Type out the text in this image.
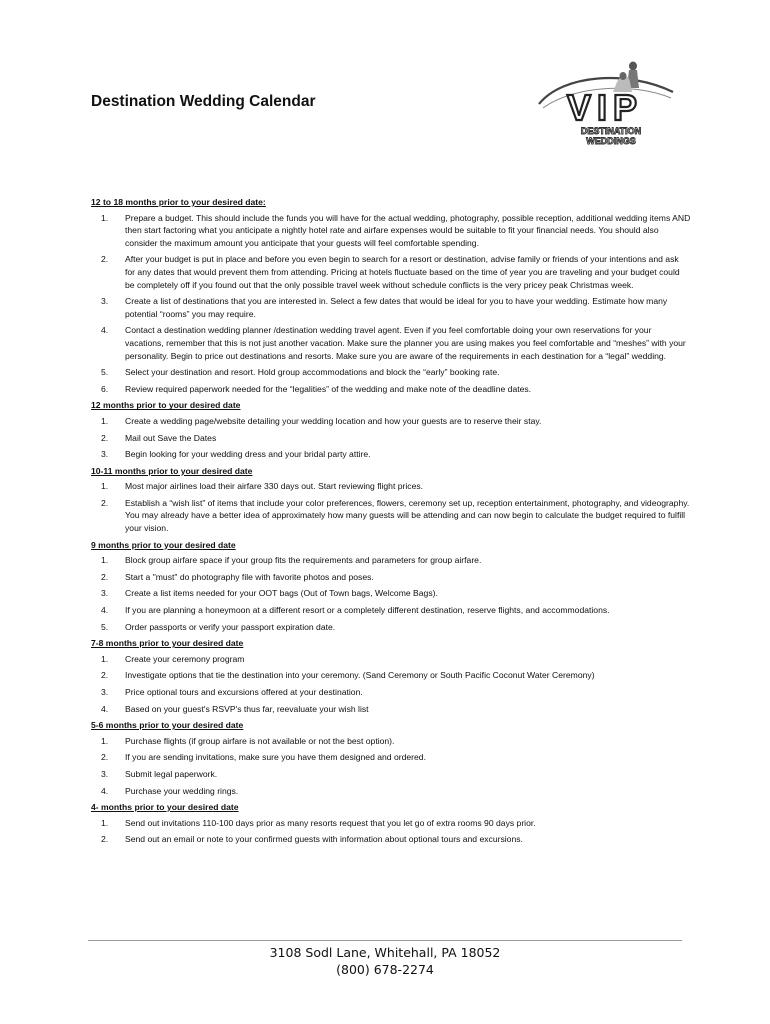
Destination Wedding Calendar	VIP
DESTINATION
WEDDINGS
12 to 18 months prior to your desired date:
1.	Prepare a budget. This should include the funds you will have for the actual wedding, photography, possible reception, additional wedding items AND then start factoring what you anticipate a nightly hotel rate and airfare expenses would be suitable to fit your financial needs. You should also consider the maximum amount you anticipate that your guests will feel comfortable spending.
2.	After your budget is put in place and before you even begin to search for a resort or destination, advise family or friends of your intentions and ask for any dates that would prevent them from attending. Pricing at hotels fluctuate based on the time of year you are traveling and your budget could be completely off if you found out that the only possible travel week without schedule conflicts is the very pricey peak Christmas week.
3.	Create a list of destinations that you are interested in. Select a few dates that would be ideal for you to have your wedding. Estimate how many potential “rooms” you may require.
4.	Contact a destination wedding planner /destination wedding travel agent. Even if you feel comfortable doing your own reservations for your vacations, remember that this is not just another vacation. Make sure the planner you are using makes you feel comfortable and “meshes” with your personality. Begin to price out destinations and resorts. Make sure you are aware of the requirements in each destination for a “legal” wedding.
5.	Select your destination and resort. Hold group accommodations and block the “early” booking rate.
6.	Review required paperwork needed for the “legalities” of the wedding and make note of the deadline dates.
12 months prior to your desired date
1.	Create a wedding page/website detailing your wedding location and how your guests are to reserve their stay.
2.	Mail out Save the Dates
3.	Begin looking for your wedding dress and your bridal party attire.
10-11 months prior to your desired date
1.	Most major airlines load their airfare 330 days out. Start reviewing flight prices.
2.	Establish a “wish list” of items that include your color preferences, flowers, ceremony set up, reception entertainment, photography, and videography. You may already have a better idea of approximately how many guests will be attending and can now begin to calculate the budget required to fulfill your vision.
9 months prior to your desired date
1.	Block group airfare space if your group fits the requirements and parameters for group airfare.
2.	Start a "must" do photography file with favorite photos and poses.
3.	Create a list items needed for your OOT bags (Out of Town bags, Welcome Bags).
4.	If you are planning a honeymoon at a different resort or a completely different destination, reserve flights, and accommodations.
5.	Order passports or verify your passport expiration date.
7-8 months prior to your desired date
1.	Create your ceremony program
2.	Investigate options that tie the destination into your ceremony. (Sand Ceremony or South Pacific Coconut Water Ceremony)
3.	Price optional tours and excursions offered at your destination.
4.	Based on your guest's RSVP's thus far, reevaluate your wish list
5-6 months prior to your desired date
1.	Purchase flights (if group airfare is not available or not the best option).
2.	If you are sending invitations, make sure you have them designed and ordered.
3.	Submit legal paperwork.
4.	Purchase your wedding rings.
4- months prior to your desired date
1.	Send out invitations 110-100 days prior as many resorts request that you let go of extra rooms 90 days prior.
2.	Send out an email or note to your confirmed guests with information about optional tours and excursions.
3108 Sodl Lane, Whitehall, PA 18052
(800) 678-2274
